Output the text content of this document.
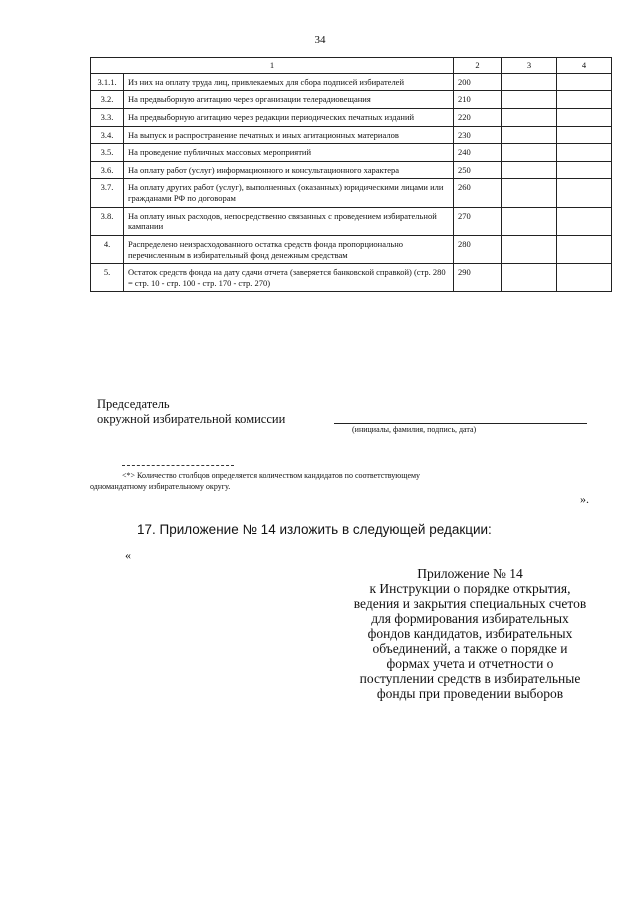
34
1		2	3	4
3.1.1.	Из них на оплату труда лиц, привлекаемых для сбора подписей избирателей	200		
3.2.	На предвыборную агитацию через организации телерадиовещания	210		
3.3.	На предвыборную агитацию через редакции периодических печатных изданий	220		
3.4.	На выпуск и распространение печатных и иных агитационных материалов	230		
3.5.	На проведение публичных массовых мероприятий	240		
3.6.	На оплату работ (услуг) информационного и консультационного характера	250		
3.7.	На оплату других работ (услуг), выполненных (оказанных) юридическими лицами или гражданами РФ по договорам	260		
3.8.	На оплату иных расходов, непосредственно связанных с проведением избирательной кампании	270		
4.	Распределено неизрасходованного остатка средств фонда пропорционально перечисленным в избирательный фонд денежным средствам	280		
5.	Остаток средств фонда на дату сдачи отчета (заверяется банковской справкой) (стр. 280 = стр. 10 - стр. 100 - стр. 170 - стр. 270)	290		
Председатель
окружной избирательной комиссии
(инициалы, фамилия, подпись, дата)
<*> Количество столбцов определяется количеством кандидатов по соответствующему одномандатному избирательному округу.
».
17. Приложение № 14 изложить в следующей редакции:
«
Приложение № 14
к Инструкции о порядке открытия,
ведения и закрытия специальных счетов
для формирования избирательных
фондов кандидатов, избирательных
объединений, а также о порядке и
формах учета и отчетности о
поступлении средств в избирательные
фонды при проведении выборов
